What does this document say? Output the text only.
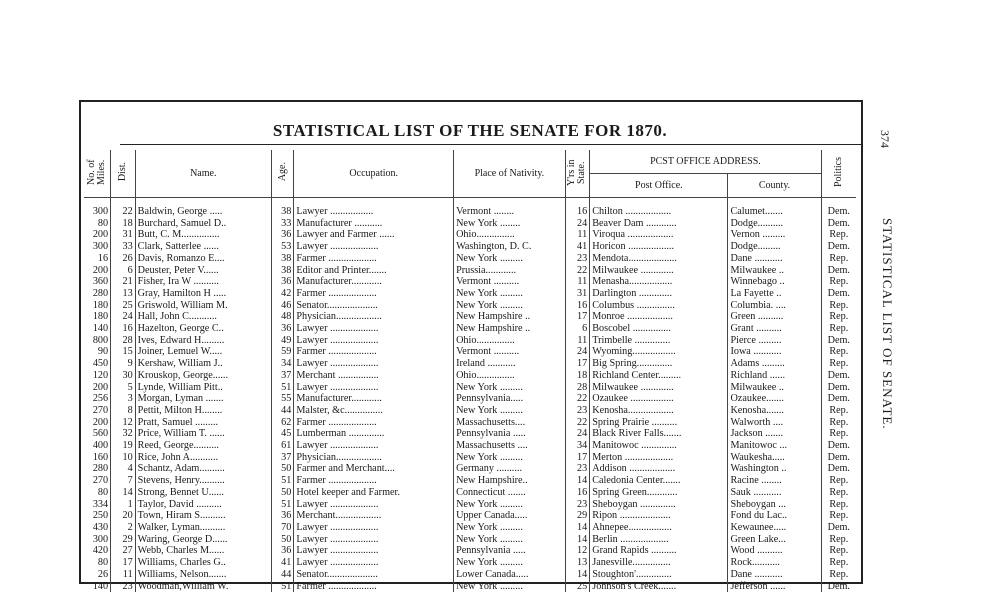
STATISTICAL LIST OF THE SENATE FOR 1870.	374
STATISTICAL LIST OF SENATE.
No. of Miles.	Dist.	Name.	Age.	Occupation.	Place of Nativity.	Y'rs in State.	PCST OFFICE ADDRESS.		Politics
							Post Office.	County.	

300	22	Baldwin, George .....	38	Lawyer .................	Vermont ........	16	Chilton ..................	Calumet.......	Dem.
80	18	Burchard, Samuel D..	33	Manufacturer ...........	New York ........	24	Beaver Dam ............	Dodge..........	Dem.
200	31	Butt, C. M...............	36	Lawyer and Farmer ......	Ohio...............	11	Viroqua ..................	Vernon .........	Rep.
300	33	Clark, Satterlee ......	53	Lawyer ...................	Washington, D. C.	41	Horicon ..................	Dodge.........	Dem.
16	26	Davis, Romanzo E....	38	Farmer ...................	New York .........	23	Mendota...................	Dane ...........	Rep.
200	6	Deuster, Peter V......	38	Editor and Printer.......	Prussia............	22	Milwaukee .............	Milwaukee ..	Dem.
360	21	Fisher, Ira W ..........	36	Manufacturer............	Vermont ..........	11	Menasha.................	Winnebago ..	Rep.
280	13	Gray, Hamilton H .....	42	Farmer ...................	New York .........	31	Darlington .............	La Fayette ..	Dem.
180	25	Griswold, William M.	46	Senator....................	New York .........	16	Columbus ...............	Columbia. ....	Rep.
180	24	Hall, John C...........	48	Physician..................	New Hampshire ..	17	Monroe ..................	Green ..........	Rep.
140	16	Hazelton, George C..	36	Lawyer ...................	New Hampshire ..	6	Boscobel ...............	Grant ..........	Rep.
800	28	Ives, Edward H.........	49	Lawyer ...................	Ohio...............	11	Trimbelle ..............	Pierce .........	Dem.
90	15	Joiner, Lemuel W.....	59	Farmer ...................	Vermont ..........	24	Wyoming.................	Iowa ...........	Rep.
450	9	Kershaw, William J..	34	Lawyer ...................	Ireland ...........	17	Big Spring..............	Adams .........	Rep.
120	30	Krouskop, George......	37	Merchant ................	Ohio...............	18	Richland Center.........	Richland ......	Dem.
200	5	Lynde, William Pitt..	51	Lawyer ...................	New York .........	28	Milwaukee .............	Milwaukee ..	Dem.
256	3	Morgan, Lyman .......	55	Manufacturer............	Pennsylvania.....	22	Ozaukee .................	Ozaukee.......	Dem.
270	8	Pettit, Milton H........	44	Malster, &c...............	New York .........	23	Kenosha..................	Kenosha.......	Rep.
200	12	Pratt, Samuel .........	62	Farmer ...................	Massachusetts....	22	Spring Prairie ..........	Walworth ....	Rep.
560	32	Price, William T. ......	45	Lumberman ..............	Pennsylvania .....	24	Black River Falls.......	Jackson .......	Rep.
400	19	Reed, George..........	61	Lawyer ...................	Massachusetts ....	34	Manitowoc ..............	Manitowoc ...	Dem.
160	10	Rice, John A...........	37	Physician..................	New York .........	17	Merton ...................	Waukesha.....	Dem.
280	4	Schantz, Adam..........	50	Farmer and Merchant....	Germany ..........	23	Addison ..................	Washington ..	Dem.
270	7	Stevens, Henry..........	51	Farmer ...................	New Hampshire..	14	Caledonia Center.......	Racine ........	Rep.
80	14	Strong, Bennet U......	50	Hotel keeper and Farmer.	Connecticut .......	16	Spring Green............	Sauk ...........	Rep.
334	1	Taylor, David ..........	51	Lawyer ...................	New York .........	23	Sheboygan ..............	Sheboygan ...	Rep.
250	20	Town, Hiram S..........	36	Merchant..................	Upper Canada.....	29	Ripon ....................	Fond du Lac..	Rep.
430	2	Walker, Lyman..........	70	Lawyer ...................	New York .........	14	Ahnepee.................	Kewaunee.....	Dem.
300	29	Waring, George D......	50	Lawyer ...................	New York .........	14	Berlin ...................	Green Lake...	Rep.
420	27	Webb, Charles M......	36	Lawyer ...................	Pennsylvania .....	12	Grand Rapids ..........	Wood ..........	Rep.
80	17	Williams, Charles G..	41	Lawyer ...................	New York .........	13	Janesville...............	Rock...........	Rep.
26	11	Williams, Nelson.......	44	Senator....................	Lower Canada.....	14	Stoughton'..............	Dane ...........	Rep.
140	23	Woodman,William W.	51	Farmer ...................	New York .........	25	Johnson's Creek.......	Jefferson ......	Dem.
